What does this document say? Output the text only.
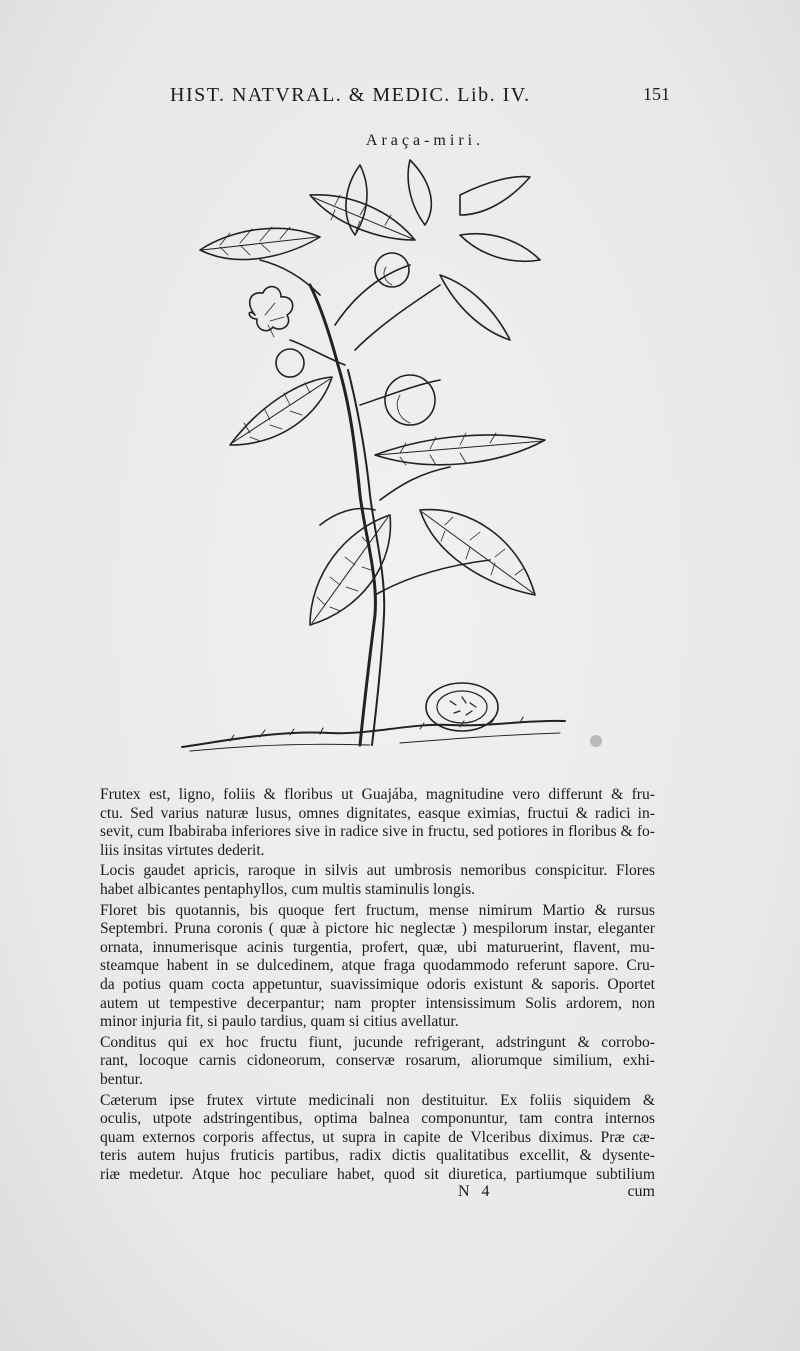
HIST. NATVRAL. & MEDIC. Lib. IV.	151
Araça-miri.

Frutex est, ligno, foliis & floribus ut Guajába, magnitudine vero differunt & fru-
ctu. Sed varius naturæ lusus, omnes dignitates, easque eximias, fructui & radici in-
sevit, cum Ibabiraba inferiores sive in radice sive in fructu, sed potiores in floribus & fo-
liis insitas virtutes dederit.

Locis gaudet apricis, raroque in silvis aut umbrosis nemoribus conspicitur. Flores
habet albicantes pentaphyllos, cum multis staminulis longis.

Floret bis quotannis, bis quoque fert fructum, mense nimirum Martio & rursus
Septembri. Pruna coronis ( quæ à pictore hic neglectæ ) mespilorum instar, eleganter
ornata, innumerisque acinis turgentia, profert, quæ, ubi maturuerint, flavent, mu-
steamque habent in se dulcedinem, atque fraga quodammodo referunt sapore. Cru-
da potius quam cocta appetuntur, suavissimique odoris existunt & saporis. Oportet
autem ut tempestive decerpantur; nam propter intensissimum Solis ardorem, non
minor injuria fit, si paulo tardius, quam si citius avellatur.

Conditus qui ex hoc fructu fiunt, jucunde refrigerant, adstringunt & corrobo-
rant, locoque carnis cidoneorum, conservæ rosarum, aliorumque similium, exhi-
bentur.

Cæterum ipse frutex virtute medicinali non destituitur. Ex foliis siquidem &
oculis, utpote adstringentibus, optima balnea componuntur, tam contra internos
quam externos corporis affectus, ut supra in capite de Vlceribus diximus. Præ cæ-
teris autem hujus fruticis partibus, radix dictis qualitatibus excellit, & dysente-
riæ medetur. Atque hoc peculiare habet, quod sit diuretica, partiumque subtilium

N 4	cum
